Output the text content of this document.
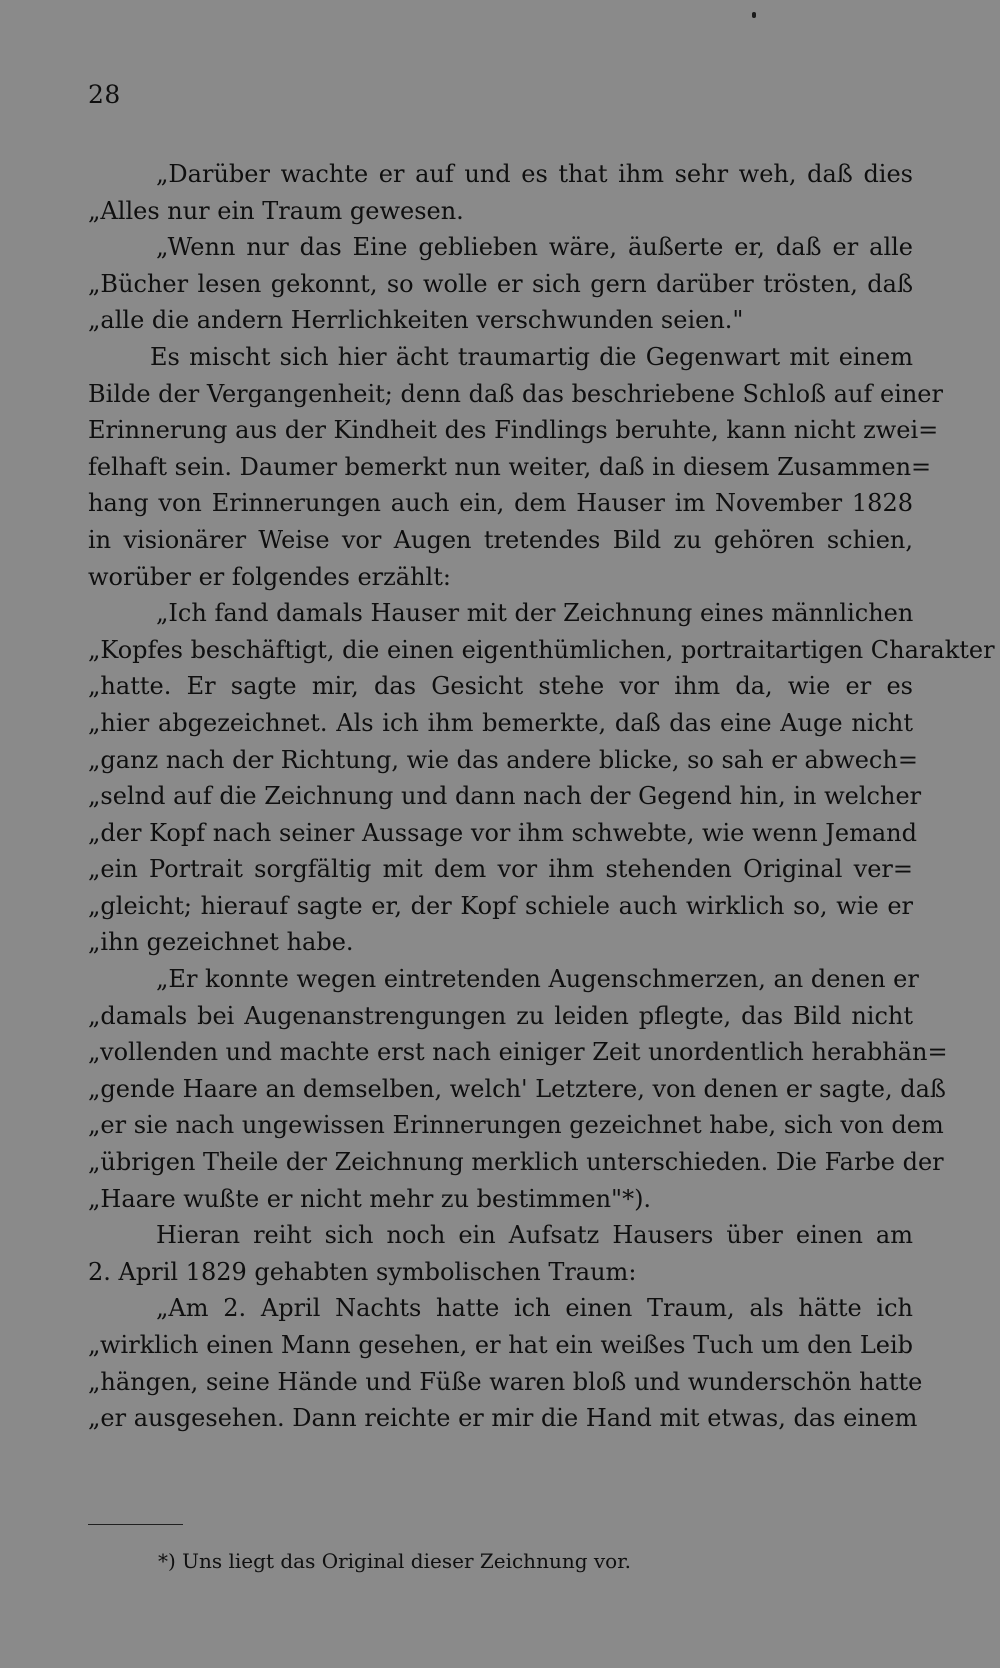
28
„Darüber wachte er auf und es that ihm sehr weh, daß dies
„Alles nur ein Traum gewesen.
„Wenn nur das Eine geblieben wäre, äußerte er, daß er alle
„Bücher lesen gekonnt, so wolle er sich gern darüber trösten, daß
„alle die andern Herrlichkeiten verschwunden seien."
Es mischt sich hier ächt traumartig die Gegenwart mit einem
Bilde der Vergangenheit; denn daß das beschriebene Schloß auf einer
Erinnerung aus der Kindheit des Findlings beruhte, kann nicht zwei=
felhaft sein. Daumer bemerkt nun weiter, daß in diesem Zusammen=
hang von Erinnerungen auch ein, dem Hauser im November 1828
in visionärer Weise vor Augen tretendes Bild zu gehören schien,
worüber er folgendes erzählt:
„Ich fand damals Hauser mit der Zeichnung eines männlichen
„Kopfes beschäftigt, die einen eigenthümlichen, portraitartigen Charakter
„hatte. Er sagte mir, das Gesicht stehe vor ihm da, wie er es
„hier abgezeichnet. Als ich ihm bemerkte, daß das eine Auge nicht
„ganz nach der Richtung, wie das andere blicke, so sah er abwech=
„selnd auf die Zeichnung und dann nach der Gegend hin, in welcher
„der Kopf nach seiner Aussage vor ihm schwebte, wie wenn Jemand
„ein Portrait sorgfältig mit dem vor ihm stehenden Original ver=
„gleicht; hierauf sagte er, der Kopf schiele auch wirklich so, wie er
„ihn gezeichnet habe.
„Er konnte wegen eintretenden Augenschmerzen, an denen er
„damals bei Augenanstrengungen zu leiden pflegte, das Bild nicht
„vollenden und machte erst nach einiger Zeit unordentlich herabhän=
„gende Haare an demselben, welch' Letztere, von denen er sagte, daß
„er sie nach ungewissen Erinnerungen gezeichnet habe, sich von dem
„übrigen Theile der Zeichnung merklich unterschieden. Die Farbe der
„Haare wußte er nicht mehr zu bestimmen"*).
Hieran reiht sich noch ein Aufsatz Hausers über einen am
2. April 1829 gehabten symbolischen Traum:
„Am 2. April Nachts hatte ich einen Traum, als hätte ich
„wirklich einen Mann gesehen, er hat ein weißes Tuch um den Leib
„hängen, seine Hände und Füße waren bloß und wunderschön hatte
„er ausgesehen. Dann reichte er mir die Hand mit etwas, das einem
*) Uns liegt das Original dieser Zeichnung vor.
